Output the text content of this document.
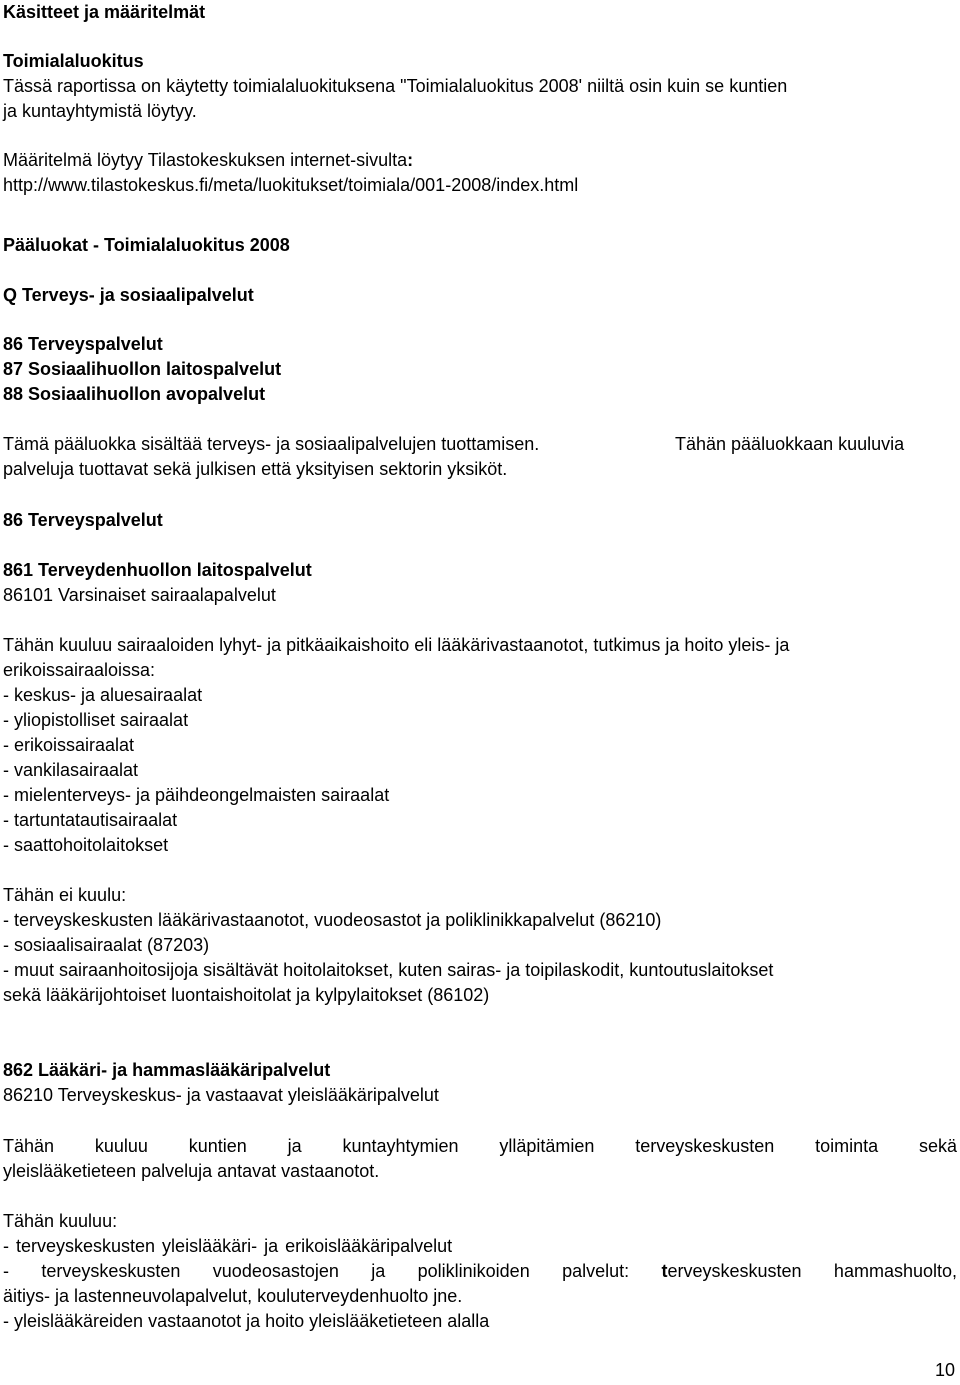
Käsitteet ja määritelmät
Toimialaluokitus
Tässä raportissa on käytetty toimialaluokituksena "Toimialaluokitus 2008' niiltä osin kuin se kuntien
ja kuntayhtymistä löytyy.
Määritelmä löytyy Tilastokeskuksen internet-sivulta:
http://www.tilastokeskus.fi/meta/luokitukset/toimiala/001-2008/index.html
Pääluokat - Toimialaluokitus 2008
Q Terveys- ja sosiaalipalvelut
86 Terveyspalvelut
87 Sosiaalihuollon laitospalvelut
88 Sosiaalihuollon avopalvelut
Tämä pääluokka sisältää terveys- ja sosiaalipalvelujen tuottamisen.	Tähän pääluokkaan kuuluvia
palveluja tuottavat sekä julkisen että yksityisen sektorin yksiköt.
86 Terveyspalvelut
861 Terveydenhuollon laitospalvelut
86101 Varsinaiset sairaalapalvelut
Tähän kuuluu sairaaloiden lyhyt- ja pitkäaikaishoito eli lääkärivastaanotot, tutkimus ja hoito yleis- ja
erikoissairaaloissa:
- keskus- ja aluesairaalat
- yliopistolliset sairaalat
- erikoissairaalat
- vankilasairaalat
- mielenterveys- ja päihdeongelmaisten sairaalat
- tartuntatautisairaalat
- saattohoitolaitokset
Tähän ei kuulu:
- terveyskeskusten lääkärivastaanotot, vuodeosastot ja poliklinikkapalvelut (86210)
- sosiaalisairaalat (87203)
- muut sairaanhoitosijoja sisältävät hoitolaitokset, kuten sairas- ja toipilaskodit, kuntoutuslaitokset
sekä lääkärijohtoiset luontaishoitolat ja kylpylaitokset (86102)
862 Lääkäri- ja hammaslääkäripalvelut
86210 Terveyskeskus- ja vastaavat yleislääkäripalvelut
Tähän kuuluu kuntien ja kuntayhtymien ylläpitämien terveyskeskusten toiminta sekä
yleislääketieteen palveluja antavat vastaanotot.
Tähän kuuluu:
- terveyskeskusten yleislääkäri- ja erikoislääkäripalvelut
- terveyskeskusten vuodeosastojen ja poliklinikoiden palvelut: terveyskeskusten hammashuolto,
äitiys- ja lastenneuvolapalvelut, kouluterveydenhuolto jne.
- yleislääkäreiden vastaanotot ja hoito yleislääketieteen alalla
10
